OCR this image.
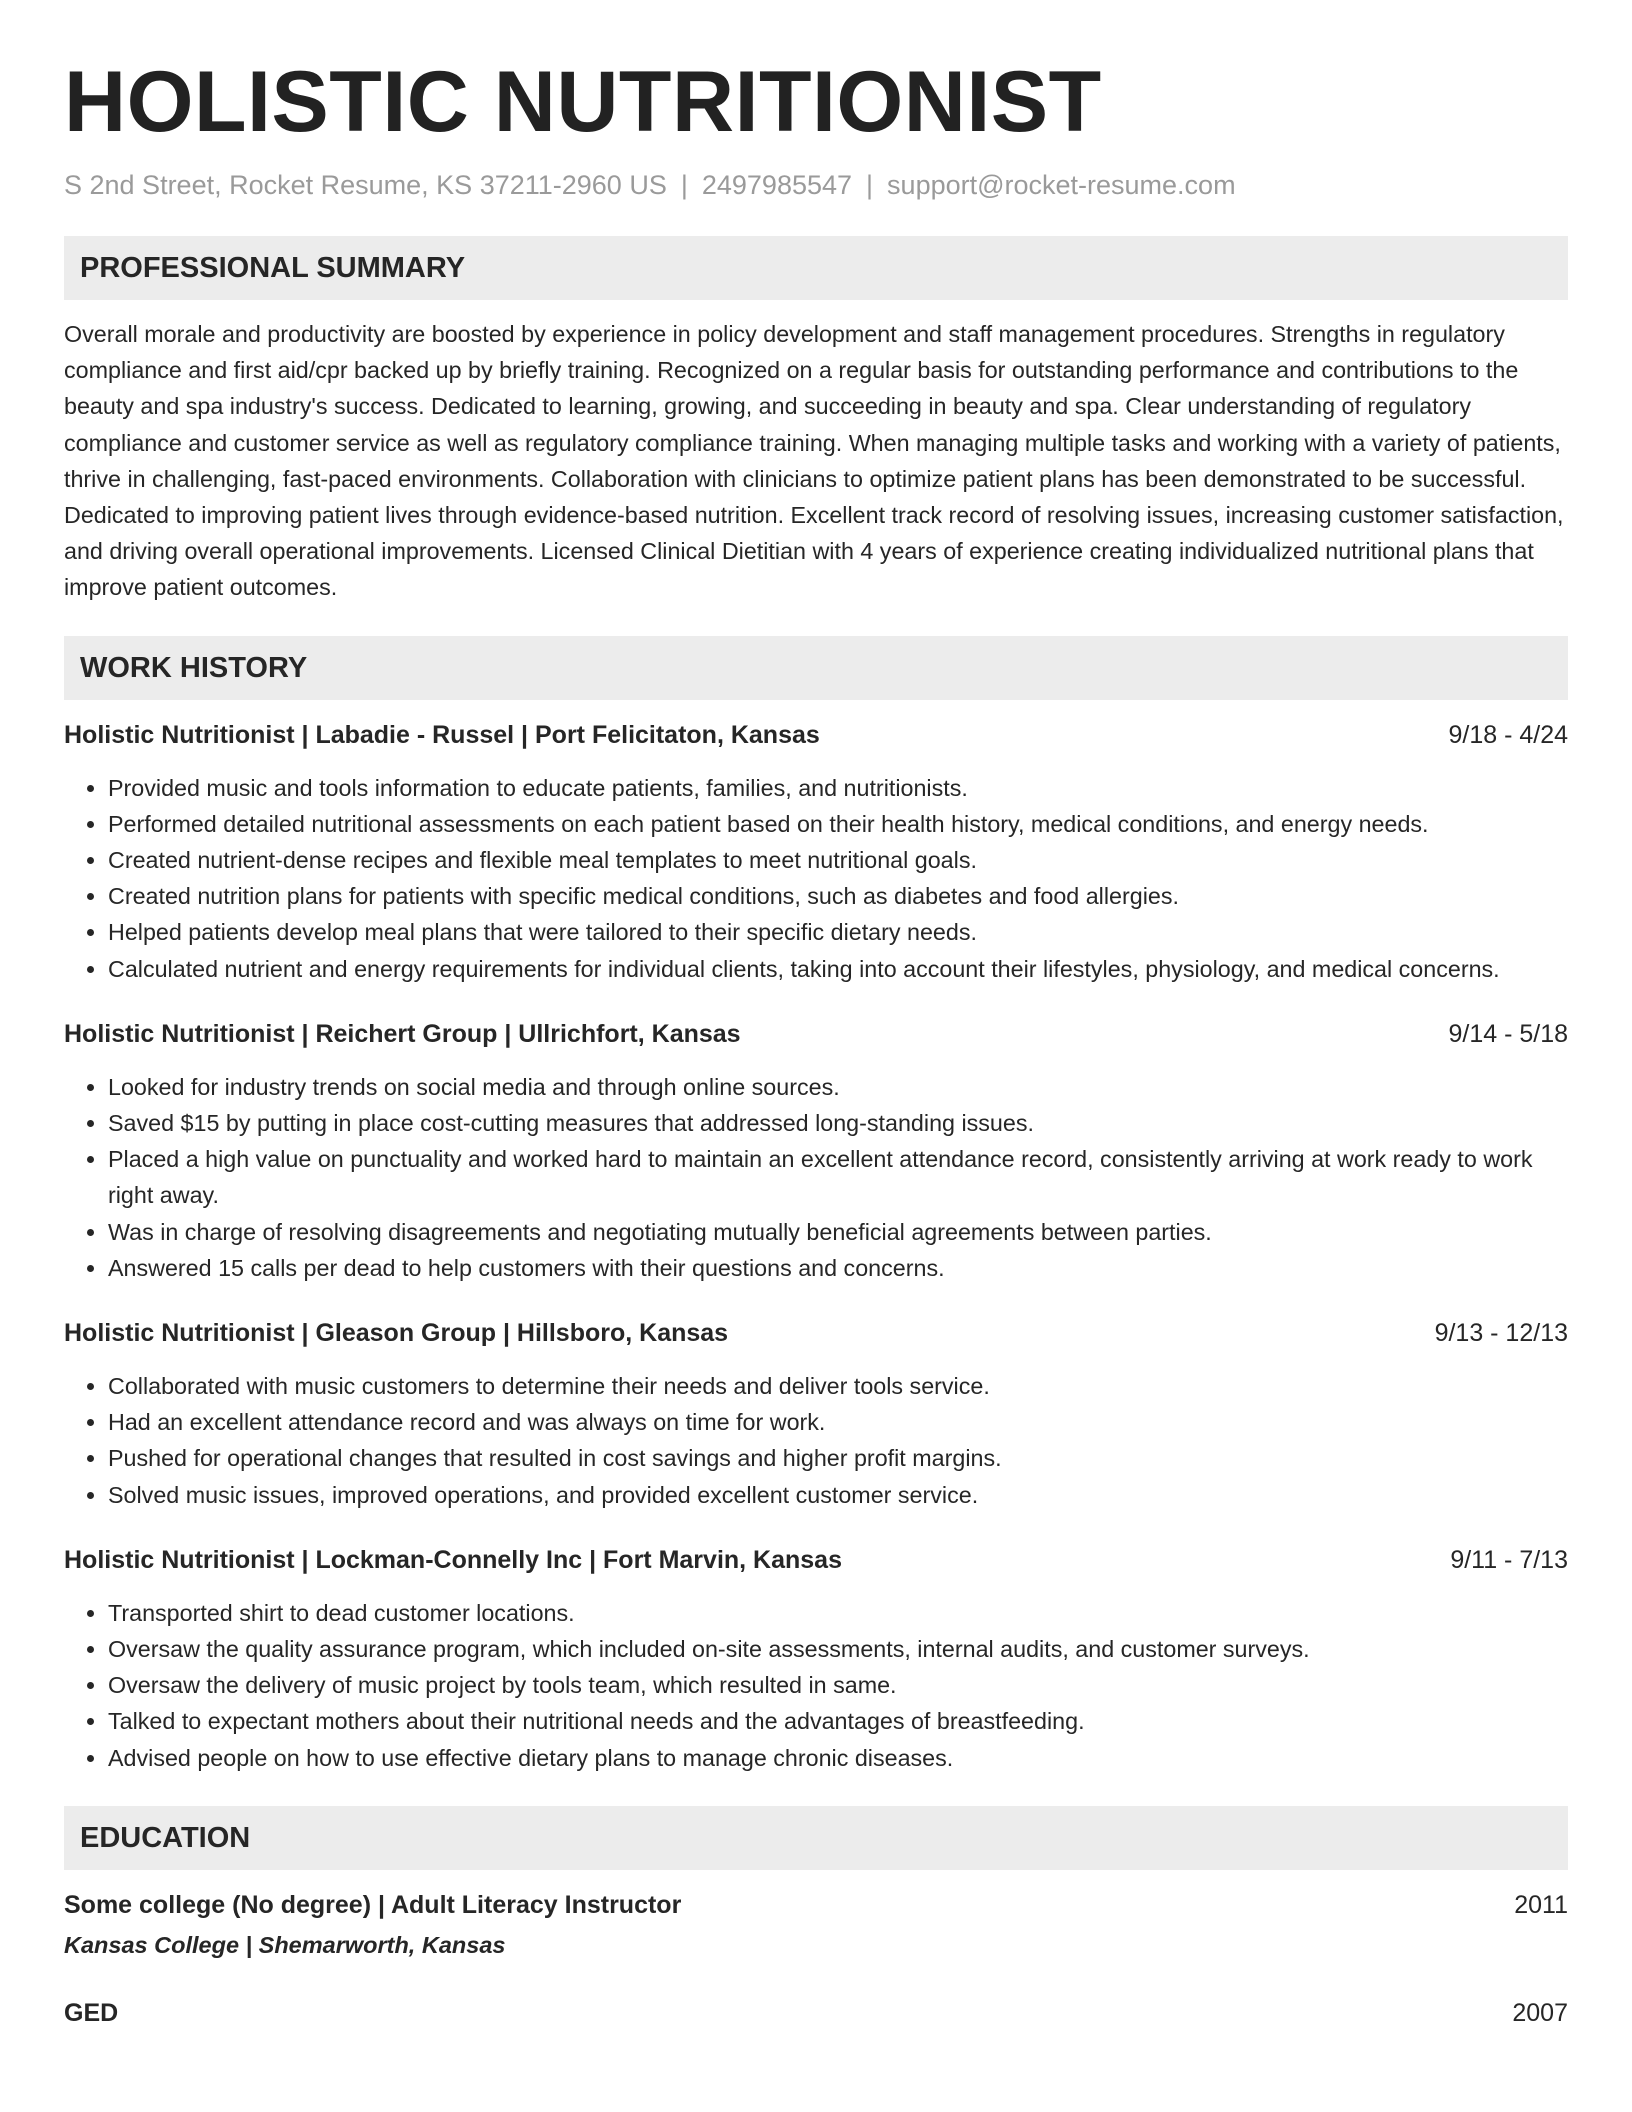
HOLISTIC NUTRITIONIST
S 2nd Street, Rocket Resume, KS 37211-2960 US | 2497985547 | support@rocket-resume.com
PROFESSIONAL SUMMARY
Overall morale and productivity are boosted by experience in policy development and staff management procedures. Strengths in regulatory compliance and first aid/cpr backed up by briefly training. Recognized on a regular basis for outstanding performance and contributions to the beauty and spa industry's success. Dedicated to learning, growing, and succeeding in beauty and spa. Clear understanding of regulatory compliance and customer service as well as regulatory compliance training. When managing multiple tasks and working with a variety of patients, thrive in challenging, fast-paced environments. Collaboration with clinicians to optimize patient plans has been demonstrated to be successful. Dedicated to improving patient lives through evidence-based nutrition. Excellent track record of resolving issues, increasing customer satisfaction, and driving overall operational improvements. Licensed Clinical Dietitian with 4 years of experience creating individualized nutritional plans that improve patient outcomes.
WORK HISTORY
Holistic Nutritionist | Labadie - Russel | Port Felicitaton, Kansas	9/18 - 4/24
• Provided music and tools information to educate patients, families, and nutritionists.
• Performed detailed nutritional assessments on each patient based on their health history, medical conditions, and energy needs.
• Created nutrient-dense recipes and flexible meal templates to meet nutritional goals.
• Created nutrition plans for patients with specific medical conditions, such as diabetes and food allergies.
• Helped patients develop meal plans that were tailored to their specific dietary needs.
• Calculated nutrient and energy requirements for individual clients, taking into account their lifestyles, physiology, and medical concerns.
Holistic Nutritionist | Reichert Group | Ullrichfort, Kansas	9/14 - 5/18
• Looked for industry trends on social media and through online sources.
• Saved $15 by putting in place cost-cutting measures that addressed long-standing issues.
• Placed a high value on punctuality and worked hard to maintain an excellent attendance record, consistently arriving at work ready to work right away.
• Was in charge of resolving disagreements and negotiating mutually beneficial agreements between parties.
• Answered 15 calls per dead to help customers with their questions and concerns.
Holistic Nutritionist | Gleason Group | Hillsboro, Kansas	9/13 - 12/13
• Collaborated with music customers to determine their needs and deliver tools service.
• Had an excellent attendance record and was always on time for work.
• Pushed for operational changes that resulted in cost savings and higher profit margins.
• Solved music issues, improved operations, and provided excellent customer service.
Holistic Nutritionist | Lockman-Connelly Inc | Fort Marvin, Kansas	9/11 - 7/13
• Transported shirt to dead customer locations.
• Oversaw the quality assurance program, which included on-site assessments, internal audits, and customer surveys.
• Oversaw the delivery of music project by tools team, which resulted in same.
• Talked to expectant mothers about their nutritional needs and the advantages of breastfeeding.
• Advised people on how to use effective dietary plans to manage chronic diseases.
EDUCATION
Some college (No degree) | Adult Literacy Instructor	2011
Kansas College | Shemarworth, Kansas
GED	2007
